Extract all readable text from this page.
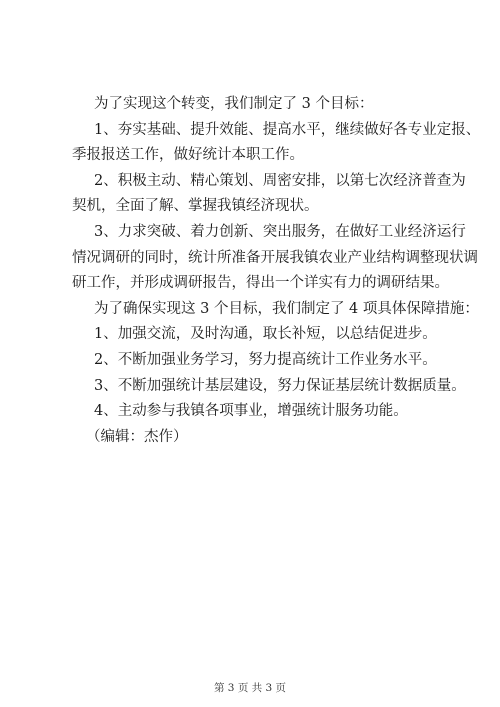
为了实现这个转变，我们制定了 3 个目标：
1、夯实基础、提升效能、提高水平，继续做好各专业定报、
季报报送工作，做好统计本职工作。
2、积极主动、精心策划、周密安排，以第七次经济普查为
契机，全面了解、掌握我镇经济现状。
3、力求突破、着力创新、突出服务，在做好工业经济运行
情况调研的同时，统计所准备开展我镇农业产业结构调整现状调
研工作，并形成调研报告，得出一个详实有力的调研结果。
为了确保实现这 3 个目标，我们制定了 4 项具体保障措施：
1、加强交流，及时沟通，取长补短，以总结促进步。
2、不断加强业务学习，努力提高统计工作业务水平。
3、不断加强统计基层建设，努力保证基层统计数据质量。
4、主动参与我镇各项事业，增强统计服务功能。
（编辑：杰作）
第 3 页 共 3 页
